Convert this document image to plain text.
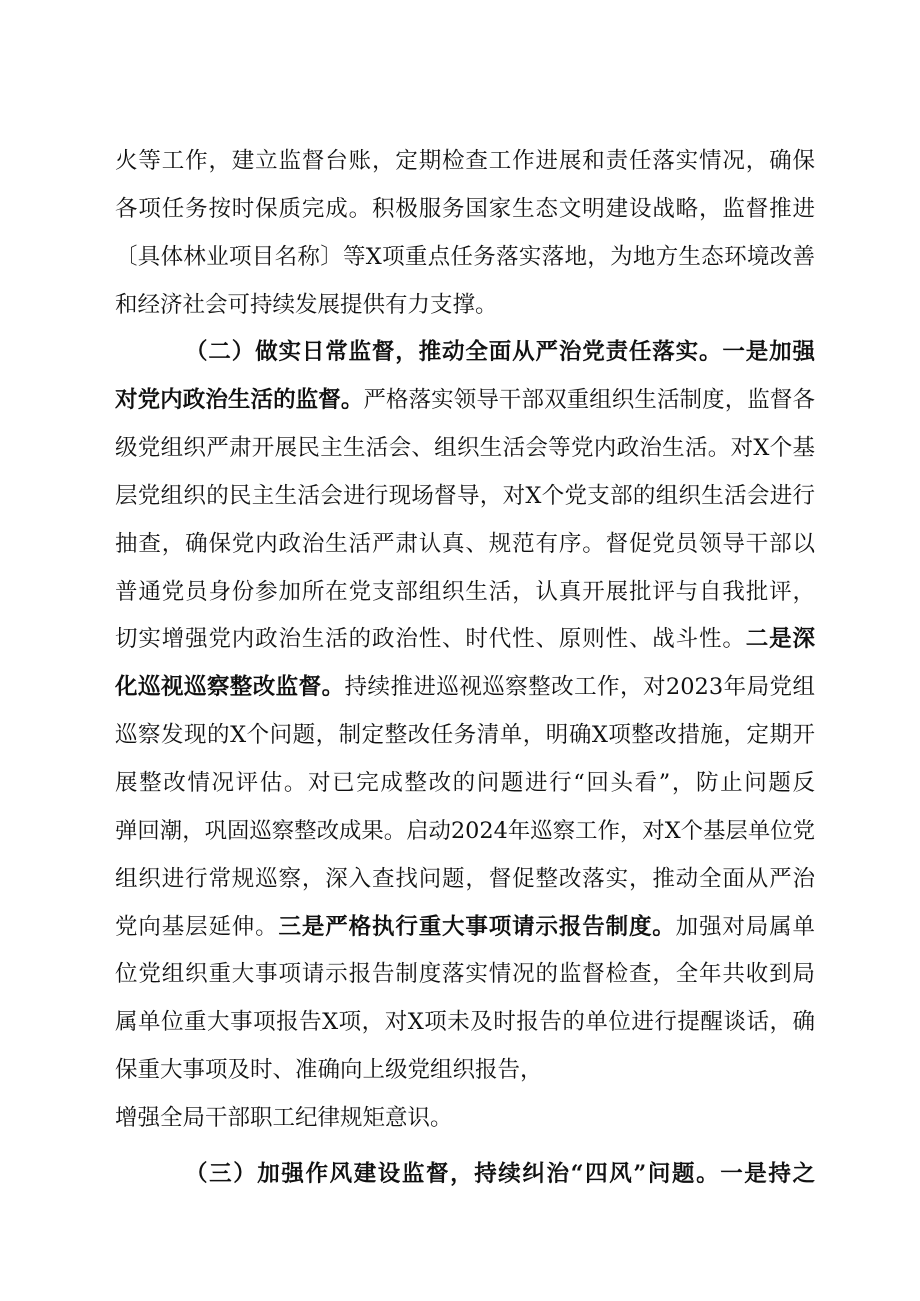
火等工作，建立监督台账，定期检查工作进展和责任落实情况，确保
各项任务按时保质完成。积极服务国家生态文明建设战略，监督推进
〔具体林业项目名称〕等X项重点任务落实落地，为地方生态环境改善
和经济社会可持续发展提供有力支撑。
（二）做实日常监督，推动全面从严治党责任落实。一是加强
对党内政治生活的监督。严格落实领导干部双重组织生活制度，监督各
级党组织严肃开展民主生活会、组织生活会等党内政治生活。对X个基
层党组织的民主生活会进行现场督导，对X个党支部的组织生活会进行
抽查，确保党内政治生活严肃认真、规范有序。督促党员领导干部以
普通党员身份参加所在党支部组织生活，认真开展批评与自我批评，
切实增强党内政治生活的政治性、时代性、原则性、战斗性。二是深
化巡视巡察整改监督。持续推进巡视巡察整改工作，对2023年局党组
巡察发现的X个问题，制定整改任务清单，明确X项整改措施，定期开
展整改情况评估。对已完成整改的问题进行“回头看”，防止问题反
弹回潮，巩固巡察整改成果。启动2024年巡察工作，对X个基层单位党
组织进行常规巡察，深入查找问题，督促整改落实，推动全面从严治
党向基层延伸。三是严格执行重大事项请示报告制度。加强对局属单
位党组织重大事项请示报告制度落实情况的监督检查，全年共收到局
属单位重大事项报告X项，对X项未及时报告的单位进行提醒谈话，确
保重大事项及时、准确向上级党组织报告，
增强全局干部职工纪律规矩意识。
（三）加强作风建设监督，持续纠治“四风”问题。一是持之
